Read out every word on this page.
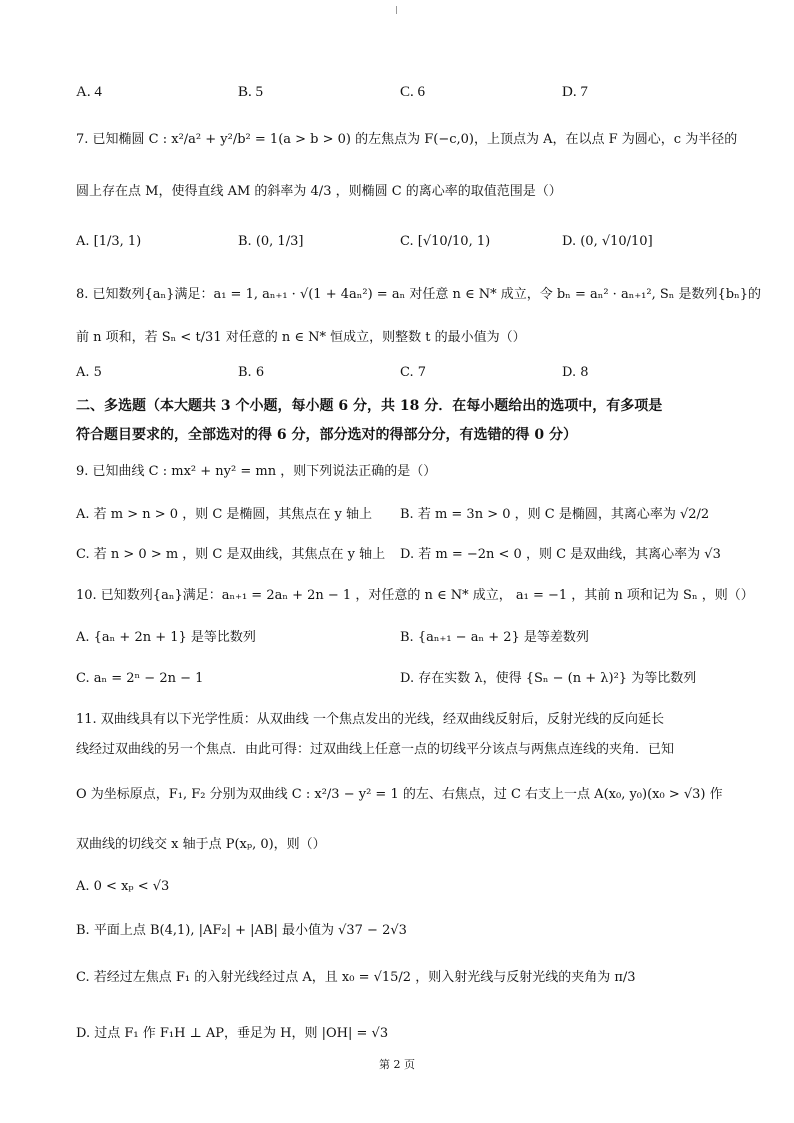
A. 4	B. 5	C. 6	D. 7
7. 已知椭圆 C : x²/a² + y²/b² = 1(a > b > 0) 的左焦点为 F(−c,0)，上顶点为 A，在以点 F 为圆心，c 为半径的
圆上存在点 M，使得直线 AM 的斜率为 4/3 ，则椭圆 C 的离心率的取值范围是（）
A. [1/3, 1)	B. (0, 1/3]	C. [√10/10, 1)	D. (0, √10/10]
8. 已知数列{aₙ}满足：a₁ = 1, aₙ₊₁ · √(1 + 4aₙ²) = aₙ 对任意 n ∈ N* 成立，令 bₙ = aₙ² · aₙ₊₁², Sₙ 是数列{bₙ}的
前 n 项和，若 Sₙ < t/31 对任意的 n ∈ N* 恒成立，则整数 t 的最小值为（）
A. 5	B. 6	C. 7	D. 8
二、多选题（本大题共 3 个小题，每小题 6 分，共 18 分．在每小题给出的选项中，有多项是
符合题目要求的，全部选对的得 6 分，部分选对的得部分分，有选错的得 0 分）
9. 已知曲线 C : mx² + ny² = mn ，则下列说法正确的是（）
A. 若 m > n > 0 ，则 C 是椭圆，其焦点在 y 轴上 B. 若 m = 3n > 0 ，则 C 是椭圆，其离心率为 √2/2
C. 若 n > 0 > m ，则 C 是双曲线，其焦点在 y 轴上 D. 若 m = −2n < 0 ，则 C 是双曲线，其离心率为 √3
10. 已知数列{aₙ}满足：aₙ₊₁ = 2aₙ + 2n − 1 ，对任意的 n ∈ N* 成立， a₁ = −1 ，其前 n 项和记为 Sₙ ，则（）
A. {aₙ + 2n + 1} 是等比数列	B. {aₙ₊₁ − aₙ + 2} 是等差数列
C. aₙ = 2ⁿ − 2n − 1	D. 存在实数 λ，使得 {Sₙ − (n + λ)²} 为等比数列
11. 双曲线具有以下光学性质：从双曲线 一个焦点发出的光线，经双曲线反射后，反射光线的反向延长
线经过双曲线的另一个焦点．由此可得：过双曲线上任意一点的切线平分该点与两焦点连线的夹角．已知
O 为坐标原点，F₁, F₂ 分别为双曲线 C : x²/3 − y² = 1 的左、右焦点，过 C 右支上一点 A(x₀, y₀)(x₀ > √3) 作
双曲线的切线交 x 轴于点 P(xₚ, 0)，则（）
A. 0 < xₚ < √3
B. 平面上点 B(4,1), |AF₂| + |AB| 最小值为 √37 − 2√3
C. 若经过左焦点 F₁ 的入射光线经过点 A，且 x₀ = √15/2 ，则入射光线与反射光线的夹角为 π/3
D. 过点 F₁ 作 F₁H ⊥ AP，垂足为 H，则 |OH| = √3
第 2 页
